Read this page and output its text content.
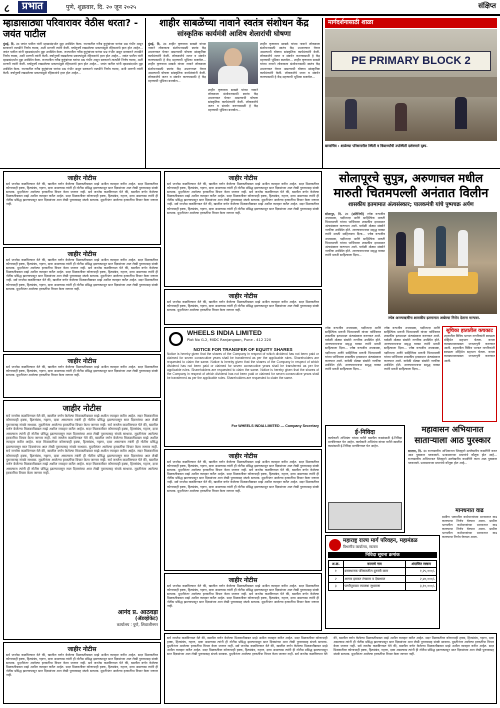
८	प्रभात	पुणे, शुक्रवार, दि. २० जून २०२५	संक्षिप्त
म्हाडासाठ्या परिवारावर वेठीस धरता? - जयंत पाटील
मुंबई, दि. २० जयंत पाटील यांनी म्हाडासंदर्भात मुद्दा उपस्थित केला. राज्यातील गरीब कुटुंबांच्या घरांचा प्रश्न गंभीर असून सरकारने तातडीने निर्णय घ्यावा, अशी मागणी त्यांनी केली. वर्षानुवर्षे रखडलेल्या प्रकल्पांमुळे रहिवाशांचे हाल होत आहेत... जयंत पाटील यांनी म्हाडासंदर्भात मुद्दा उपस्थित केला. राज्यातील गरीब कुटुंबांच्या घरांचा प्रश्न गंभीर असून सरकारने तातडीने निर्णय घ्यावा, अशी मागणी त्यांनी केली. वर्षानुवर्षे रखडलेल्या प्रकल्पांमुळे रहिवाशांचे हाल होत आहेत... जयंत पाटील यांनी म्हाडासंदर्भात मुद्दा उपस्थित केला. राज्यातील गरीब कुटुंबांच्या घरांचा प्रश्न गंभीर असून सरकारने तातडीने निर्णय घ्यावा, अशी मागणी त्यांनी केली. वर्षानुवर्षे रखडलेल्या प्रकल्पांमुळे रहिवाशांचे हाल होत आहेत... जयंत पाटील यांनी म्हाडासंदर्भात मुद्दा उपस्थित केला. राज्यातील गरीब कुटुंबांच्या घरांचा प्रश्न गंभीर असून सरकारने तातडीने निर्णय घ्यावा, अशी मागणी त्यांनी केली. वर्षानुवर्षे रखडलेल्या प्रकल्पांमुळे रहिवाशांचे हाल होत आहेत...
शाहीर साबळेंच्या नावाने स्वतंत्र संशोधन केंद्र
सांस्कृतिक कार्यमंत्री आशिष शेलारांची घोषणा
मुंबई, दि. २० शाहीर कृष्णराव साबळे यांच्या नावाने लोककला संशोधनासाठी स्वतंत्र केंद्र उभारण्यात येणार असल्याची घोषणा सांस्कृतिक कार्यमंत्र्यांनी केली. लोककलेचे जतन व संवर्धन करण्यासाठी हे केंद्र महत्त्वाची भूमिका बजावेल... शाहीर कृष्णराव साबळे यांच्या नावाने लोककला संशोधनासाठी स्वतंत्र केंद्र उभारण्यात येणार असल्याची घोषणा सांस्कृतिक कार्यमंत्र्यांनी केली. लोककलेचे जतन व संवर्धन करण्यासाठी हे केंद्र महत्त्वाची भूमिका बजावेल...
शाहीर कृष्णराव साबळे यांच्या नावाने लोककला संशोधनासाठी स्वतंत्र केंद्र उभारण्यात येणार असल्याची घोषणा सांस्कृतिक कार्यमंत्र्यांनी केली. लोककलेचे जतन व संवर्धन करण्यासाठी हे केंद्र महत्त्वाची भूमिका बजावेल... शाहीर कृष्णराव साबळे यांच्या नावाने लोककला संशोधनासाठी स्वतंत्र केंद्र उभारण्यात येणार असल्याची घोषणा सांस्कृतिक कार्यमंत्र्यांनी केली. लोककलेचे जतन व संवर्धन करण्यासाठी हे केंद्र महत्त्वाची भूमिका बजावेल...
शाहीर कृष्णराव साबळे यांच्या नावाने लोककला संशोधनासाठी स्वतंत्र केंद्र उभारण्यात येणार असल्याची घोषणा सांस्कृतिक कार्यमंत्र्यांनी केली. लोककलेचे जतन व संवर्धन करण्यासाठी हे केंद्र महत्त्वाची भूमिका बजावेल...
मार्गदर्शनासाठी शाळा
PE PRIMARY BLOCK 2
छायाचित्र : शाळेच्या परिसरातील स्थिती व विद्यार्थ्यांची उपस्थिती दर्शवणारे दृश्य.
जाहीर नोटीस
सर्व जनतेस कळविण्यात येते की, खालील वर्णन केलेल्या मिळकतीबाबत माझे अशील व्यवहार करीत आहेत. सदर मिळकतीवर कोणाचाही हक्क, हितसंबंध, गहाण, दावा असल्यास त्यांनी ही नोटीस प्रसिद्ध झाल्यापासून सात दिवसांच्या आत लेखी पुराव्यासह संपर्क साधावा. मुदतीनंतर आलेल्या हरकतींचा विचार केला जाणार नाही. सर्व जनतेस कळविण्यात येते की, खालील वर्णन केलेल्या मिळकतीबाबत माझे अशील व्यवहार करीत आहेत. सदर मिळकतीवर कोणाचाही हक्क, हितसंबंध, गहाण, दावा असल्यास त्यांनी ही नोटीस प्रसिद्ध झाल्यापासून सात दिवसांच्या आत लेखी पुराव्यासह संपर्क साधावा. मुदतीनंतर आलेल्या हरकतींचा विचार केला जाणार नाही.
जाहीर नोटीस
सर्व जनतेस कळविण्यात येते की, खालील वर्णन केलेल्या मिळकतीबाबत माझे अशील व्यवहार करीत आहेत. सदर मिळकतीवर कोणाचाही हक्क, हितसंबंध, गहाण, दावा असल्यास त्यांनी ही नोटीस प्रसिद्ध झाल्यापासून सात दिवसांच्या आत लेखी पुराव्यासह संपर्क साधावा. मुदतीनंतर आलेल्या हरकतींचा विचार केला जाणार नाही. सर्व जनतेस कळविण्यात येते की, खालील वर्णन केलेल्या मिळकतीबाबत माझे अशील व्यवहार करीत आहेत. सदर मिळकतीवर कोणाचाही हक्क, हितसंबंध, गहाण, दावा असल्यास त्यांनी ही नोटीस प्रसिद्ध झाल्यापासून सात दिवसांच्या आत लेखी पुराव्यासह संपर्क साधावा. मुदतीनंतर आलेल्या हरकतींचा विचार केला जाणार नाही. सर्व जनतेस कळविण्यात येते की, खालील वर्णन केलेल्या मिळकतीबाबत माझे अशील व्यवहार करीत आहेत. सदर मिळकतीवर कोणाचाही हक्क, हितसंबंध, गहाण, दावा असल्यास त्यांनी ही नोटीस प्रसिद्ध झाल्यापासून सात दिवसांच्या आत लेखी पुराव्यासह संपर्क साधावा. मुदतीनंतर आलेल्या हरकतींचा विचार केला जाणार नाही.
जाहीर नोटीस
सर्व जनतेस कळविण्यात येते की, खालील वर्णन केलेल्या मिळकतीबाबत माझे अशील व्यवहार करीत आहेत. सदर मिळकतीवर कोणाचाही हक्क, हितसंबंध, गहाण, दावा असल्यास त्यांनी ही नोटीस प्रसिद्ध झाल्यापासून सात दिवसांच्या आत लेखी पुराव्यासह संपर्क साधावा. मुदतीनंतर आलेल्या हरकतींचा विचार केला जाणार नाही.
जाहीर नोटीस
सर्व जनतेस कळविण्यात येते की, खालील वर्णन केलेल्या मिळकतीबाबत माझे अशील व्यवहार करीत आहेत. सदर मिळकतीवर कोणाचाही हक्क, हितसंबंध, गहाण, दावा असल्यास त्यांनी ही नोटीस प्रसिद्ध झाल्यापासून सात दिवसांच्या आत लेखी पुराव्यासह संपर्क साधावा. मुदतीनंतर आलेल्या हरकतींचा विचार केला जाणार नाही. सर्व जनतेस कळविण्यात येते की, खालील वर्णन केलेल्या मिळकतीबाबत माझे अशील व्यवहार करीत आहेत. सदर मिळकतीवर कोणाचाही हक्क, हितसंबंध, गहाण, दावा असल्यास त्यांनी ही नोटीस प्रसिद्ध झाल्यापासून सात दिवसांच्या आत लेखी पुराव्यासह संपर्क साधावा. मुदतीनंतर आलेल्या हरकतींचा विचार केला जाणार नाही. सर्व जनतेस कळविण्यात येते की, खालील वर्णन केलेल्या मिळकतीबाबत माझे अशील व्यवहार करीत आहेत. सदर मिळकतीवर कोणाचाही हक्क, हितसंबंध, गहाण, दावा असल्यास त्यांनी ही नोटीस प्रसिद्ध झाल्यापासून सात दिवसांच्या आत लेखी पुराव्यासह संपर्क साधावा. मुदतीनंतर आलेल्या हरकतींचा विचार केला जाणार नाही. सर्व जनतेस कळविण्यात येते की, खालील वर्णन केलेल्या मिळकतीबाबत माझे अशील व्यवहार करीत आहेत. सदर मिळकतीवर कोणाचाही हक्क, हितसंबंध, गहाण, दावा असल्यास त्यांनी ही नोटीस प्रसिद्ध झाल्यापासून सात दिवसांच्या आत लेखी पुराव्यासह संपर्क साधावा. मुदतीनंतर आलेल्या हरकतींचा विचार केला जाणार नाही. सर्व जनतेस कळविण्यात येते की, खालील वर्णन केलेल्या मिळकतीबाबत माझे अशील व्यवहार करीत आहेत. सदर मिळकतीवर कोणाचाही हक्क, हितसंबंध, गहाण, दावा असल्यास त्यांनी ही नोटीस प्रसिद्ध झाल्यापासून सात दिवसांच्या आत लेखी पुराव्यासह संपर्क साधावा. मुदतीनंतर आलेल्या हरकतींचा विचार केला जाणार नाही.
आनंद प्र. आठवड़ा
(ॲडव्होकेट)
कार्यालय : पुणे, शिवाजीनगर
जाहीर नोटीस
सर्व जनतेस कळविण्यात येते की, खालील वर्णन केलेल्या मिळकतीबाबत माझे अशील व्यवहार करीत आहेत. सदर मिळकतीवर कोणाचाही हक्क, हितसंबंध, गहाण, दावा असल्यास त्यांनी ही नोटीस प्रसिद्ध झाल्यापासून सात दिवसांच्या आत लेखी पुराव्यासह संपर्क साधावा. मुदतीनंतर आलेल्या हरकतींचा विचार केला जाणार नाही. सर्व जनतेस कळविण्यात येते की, खालील वर्णन केलेल्या मिळकतीबाबत माझे अशील व्यवहार करीत आहेत. सदर मिळकतीवर कोणाचाही हक्क, हितसंबंध, गहाण, दावा असल्यास त्यांनी ही नोटीस प्रसिद्ध झाल्यापासून सात दिवसांच्या आत लेखी पुराव्यासह संपर्क साधावा. मुदतीनंतर आलेल्या हरकतींचा विचार केला जाणार नाही.
जाहीर नोटीस
सर्व जनतेस कळविण्यात येते की, खालील वर्णन केलेल्या मिळकतीबाबत माझे अशील व्यवहार करीत आहेत. सदर मिळकतीवर कोणाचाही हक्क, हितसंबंध, गहाण, दावा असल्यास त्यांनी ही नोटीस प्रसिद्ध झाल्यापासून सात दिवसांच्या आत लेखी पुराव्यासह संपर्क साधावा. मुदतीनंतर आलेल्या हरकतींचा विचार केला जाणार नाही. सर्व जनतेस कळविण्यात येते की, खालील वर्णन केलेल्या मिळकतीबाबत माझे अशील व्यवहार करीत आहेत. सदर मिळकतीवर कोणाचाही हक्क, हितसंबंध, गहाण, दावा असल्यास त्यांनी ही नोटीस प्रसिद्ध झाल्यापासून सात दिवसांच्या आत लेखी पुराव्यासह संपर्क साधावा. मुदतीनंतर आलेल्या हरकतींचा विचार केला जाणार नाही. सर्व जनतेस कळविण्यात येते की, खालील वर्णन केलेल्या मिळकतीबाबत माझे अशील व्यवहार करीत आहेत. सदर मिळकतीवर कोणाचाही हक्क, हितसंबंध, गहाण, दावा असल्यास त्यांनी ही नोटीस प्रसिद्ध झाल्यापासून सात दिवसांच्या आत लेखी पुराव्यासह संपर्क साधावा. मुदतीनंतर आलेल्या हरकतींचा विचार केला जाणार नाही.
जाहीर नोटीस
सर्व जनतेस कळविण्यात येते की, खालील वर्णन केलेल्या मिळकतीबाबत माझे अशील व्यवहार करीत आहेत. सदर मिळकतीवर कोणाचाही हक्क, हितसंबंध, गहाण, दावा असल्यास त्यांनी ही नोटीस प्रसिद्ध झाल्यापासून सात दिवसांच्या आत लेखी पुराव्यासह संपर्क साधावा. मुदतीनंतर आलेल्या हरकतींचा विचार केला जाणार नाही.
WHEELS INDIA LIMITED
Plot No G-2, MIDC Ranjangaon, Pune - 412 220
NOTICE FOR TRANSFER OF EQUITY SHARES
Notice is hereby given that the shares of the Company in respect of which dividend has not been paid or claimed for seven consecutive years shall be transferred as per the applicable rules. Shareholders are requested to claim the same. Notice is hereby given that the shares of the Company in respect of which dividend has not been paid or claimed for seven consecutive years shall be transferred as per the applicable rules. Shareholders are requested to claim the same. Notice is hereby given that the shares of the Company in respect of which dividend has not been paid or claimed for seven consecutive years shall be transferred as per the applicable rules. Shareholders are requested to claim the same.
For WHEELS INDIA LIMITED — Company Secretary
जाहीर नोटीस
सर्व जनतेस कळविण्यात येते की, खालील वर्णन केलेल्या मिळकतीबाबत माझे अशील व्यवहार करीत आहेत. सदर मिळकतीवर कोणाचाही हक्क, हितसंबंध, गहाण, दावा असल्यास त्यांनी ही नोटीस प्रसिद्ध झाल्यापासून सात दिवसांच्या आत लेखी पुराव्यासह संपर्क साधावा. मुदतीनंतर आलेल्या हरकतींचा विचार केला जाणार नाही. सर्व जनतेस कळविण्यात येते की, खालील वर्णन केलेल्या मिळकतीबाबत माझे अशील व्यवहार करीत आहेत. सदर मिळकतीवर कोणाचाही हक्क, हितसंबंध, गहाण, दावा असल्यास त्यांनी ही नोटीस प्रसिद्ध झाल्यापासून सात दिवसांच्या आत लेखी पुराव्यासह संपर्क साधावा. मुदतीनंतर आलेल्या हरकतींचा विचार केला जाणार नाही. सर्व जनतेस कळविण्यात येते की, खालील वर्णन केलेल्या मिळकतीबाबत माझे अशील व्यवहार करीत आहेत. सदर मिळकतीवर कोणाचाही हक्क, हितसंबंध, गहाण, दावा असल्यास त्यांनी ही नोटीस प्रसिद्ध झाल्यापासून सात दिवसांच्या आत लेखी पुराव्यासह संपर्क साधावा. मुदतीनंतर आलेल्या हरकतींचा विचार केला जाणार नाही.
जाहीर नोटीस
सर्व जनतेस कळविण्यात येते की, खालील वर्णन केलेल्या मिळकतीबाबत माझे अशील व्यवहार करीत आहेत. सदर मिळकतीवर कोणाचाही हक्क, हितसंबंध, गहाण, दावा असल्यास त्यांनी ही नोटीस प्रसिद्ध झाल्यापासून सात दिवसांच्या आत लेखी पुराव्यासह संपर्क साधावा. मुदतीनंतर आलेल्या हरकतींचा विचार केला जाणार नाही. सर्व जनतेस कळविण्यात येते की, खालील वर्णन केलेल्या मिळकतीबाबत माझे अशील व्यवहार करीत आहेत. सदर मिळकतीवर कोणाचाही हक्क, हितसंबंध, गहाण, दावा असल्यास त्यांनी ही नोटीस प्रसिद्ध झाल्यापासून सात दिवसांच्या आत लेखी पुराव्यासह संपर्क साधावा. मुदतीनंतर आलेल्या हरकतींचा विचार केला जाणार नाही.
सोलापूरचे सुपुत्र, अरुणाचल मधील
मारुती चितमपल्ली अनंतात विलीन
शासकीय इतमामात अंत्यसंस्कार; पालकमंत्री यांचे पुष्पचक्र अर्पण
सोलापूर, दि. २० (प्रतिनिधी) ज्येष्ठ वन्यजीव अभ्यासक, पक्षीतज्ज्ञ आणि साहित्यिक मारुती चितमपल्ली यांच्या पार्थिवावर शासकीय इतमामात अंत्यसंस्कार करण्यात आले. यावेळी मोठ्या संख्येने नागरिक उपस्थित होते. अरण्यवाचनाचा समृद्ध वारसा त्यांनी मराठी साहित्याला दिला... ज्येष्ठ वन्यजीव अभ्यासक, पक्षीतज्ज्ञ आणि साहित्यिक मारुती चितमपल्ली यांच्या पार्थिवावर शासकीय इतमामात अंत्यसंस्कार करण्यात आले. यावेळी मोठ्या संख्येने नागरिक उपस्थित होते. अरण्यवाचनाचा समृद्ध वारसा त्यांनी मराठी साहित्याला दिला...
ज्येष्ठ अरण्यऋषींना शासकीय इतमामात अखेरचा निरोप देताना मान्यवर.
ज्येष्ठ वन्यजीव अभ्यासक, पक्षीतज्ज्ञ आणि साहित्यिक मारुती चितमपल्ली यांच्या पार्थिवावर शासकीय इतमामात अंत्यसंस्कार करण्यात आले. यावेळी मोठ्या संख्येने नागरिक उपस्थित होते. अरण्यवाचनाचा समृद्ध वारसा त्यांनी मराठी साहित्याला दिला... ज्येष्ठ वन्यजीव अभ्यासक, पक्षीतज्ज्ञ आणि साहित्यिक मारुती चितमपल्ली यांच्या पार्थिवावर शासकीय इतमामात अंत्यसंस्कार करण्यात आले. यावेळी मोठ्या संख्येने नागरिक उपस्थित होते. अरण्यवाचनाचा समृद्ध वारसा त्यांनी मराठी साहित्याला दिला...
ज्येष्ठ वन्यजीव अभ्यासक, पक्षीतज्ज्ञ आणि साहित्यिक मारुती चितमपल्ली यांच्या पार्थिवावर शासकीय इतमामात अंत्यसंस्कार करण्यात आले. यावेळी मोठ्या संख्येने नागरिक उपस्थित होते. अरण्यवाचनाचा समृद्ध वारसा त्यांनी मराठी साहित्याला दिला... ज्येष्ठ वन्यजीव अभ्यासक, पक्षीतज्ज्ञ आणि साहित्यिक मारुती चितमपल्ली यांच्या पार्थिवावर शासकीय इतमामात अंत्यसंस्कार करण्यात आले. यावेळी मोठ्या संख्येने नागरिक उपस्थित होते. अरण्यवाचनाचा समृद्ध वारसा त्यांनी मराठी साहित्याला दिला...
सूचिका हातातील कचकाट
शहरातील विविध भागात नागरिकांनी स्वच्छता मोहिमेत सहभाग घेतला. कचरा व्यवस्थापनाबाबत जनजागृती करण्यात आली. शहरातील विविध भागात नागरिकांनी स्वच्छता मोहिमेत सहभाग घेतला. कचरा व्यवस्थापनाबाबत जनजागृती करण्यात आली.
ई-निविदा
कार्यकारी अभियंता यांच्या वतीने खालील कामांसाठी ई-निविदा मागविण्यात येत आहेत. कार्यकारी अभियंता यांच्या वतीने खालील कामांसाठी ई-निविदा मागविण्यात येत आहेत.
महावासन अभियानात
साताऱ्याला आठ पुरस्कार
सातारा, दि. २० राज्यस्तरीय अभियानात जिल्ह्याने उल्लेखनीय कामगिरी करत आठ पुरस्कार पटकावले. प्रशासनाच्या प्रयत्नांचे कौतुक होत आहे... राज्यस्तरीय अभियानात जिल्ह्याने उल्लेखनीय कामगिरी करत आठ पुरस्कार पटकावले. प्रशासनाच्या प्रयत्नांचे कौतुक होत आहे...
मानधनात वाढ
ग्रामीण भागातील कर्मचाऱ्यांच्या मानधनात वाढ करण्याचा निर्णय घेण्यात आला. ग्रामीण भागातील कर्मचाऱ्यांच्या मानधनात वाढ करण्याचा निर्णय घेण्यात आला. ग्रामीण भागातील कर्मचाऱ्यांच्या मानधनात वाढ करण्याचा निर्णय घेण्यात आला.
महाराष्ट्र राज्य मार्ग परिवहन, महामंडळ
विभागीय कार्यालय, सातारा
निविदा सूचना क्रमांक
अ.क्र.	कामाचे नाव	अंदाजित रक्कम
१	बसस्थानक परिसरातील दुरुस्ती काम	१,२५,०००/-
२	आगार इमारत रंगकाम व देखभाल	२,४०,०००/-
३	पाणीपुरवठा व्यवस्था सुधारणा	३,१०,०००/-
सर्व जनतेस कळविण्यात येते की, खालील वर्णन केलेल्या मिळकतीबाबत माझे अशील व्यवहार करीत आहेत. सदर मिळकतीवर कोणाचाही हक्क, हितसंबंध, गहाण, दावा असल्यास त्यांनी ही नोटीस प्रसिद्ध झाल्यापासून सात दिवसांच्या आत लेखी पुराव्यासह संपर्क साधावा. मुदतीनंतर आलेल्या हरकतींचा विचार केला जाणार नाही. सर्व जनतेस कळविण्यात येते की, खालील वर्णन केलेल्या मिळकतीबाबत माझे अशील व्यवहार करीत आहेत. सदर मिळकतीवर कोणाचाही हक्क, हितसंबंध, गहाण, दावा असल्यास त्यांनी ही नोटीस प्रसिद्ध झाल्यापासून सात दिवसांच्या आत लेखी पुराव्यासह संपर्क साधावा. मुदतीनंतर आलेल्या हरकतींचा विचार केला जाणार नाही. सर्व जनतेस कळविण्यात येते की, खालील वर्णन केलेल्या मिळकतीबाबत माझे अशील व्यवहार करीत आहेत. सदर मिळकतीवर कोणाचाही हक्क, हितसंबंध, गहाण, दावा असल्यास त्यांनी ही नोटीस प्रसिद्ध झाल्यापासून सात दिवसांच्या आत लेखी पुराव्यासह संपर्क साधावा. मुदतीनंतर आलेल्या हरकतींचा विचार केला जाणार नाही. सर्व जनतेस कळविण्यात येते की, खालील वर्णन केलेल्या मिळकतीबाबत माझे अशील व्यवहार करीत आहेत. सदर मिळकतीवर कोणाचाही हक्क, हितसंबंध, गहाण, दावा असल्यास त्यांनी ही नोटीस प्रसिद्ध झाल्यापासून सात दिवसांच्या आत लेखी पुराव्यासह संपर्क साधावा. मुदतीनंतर आलेल्या हरकतींचा विचार केला जाणार नाही.
